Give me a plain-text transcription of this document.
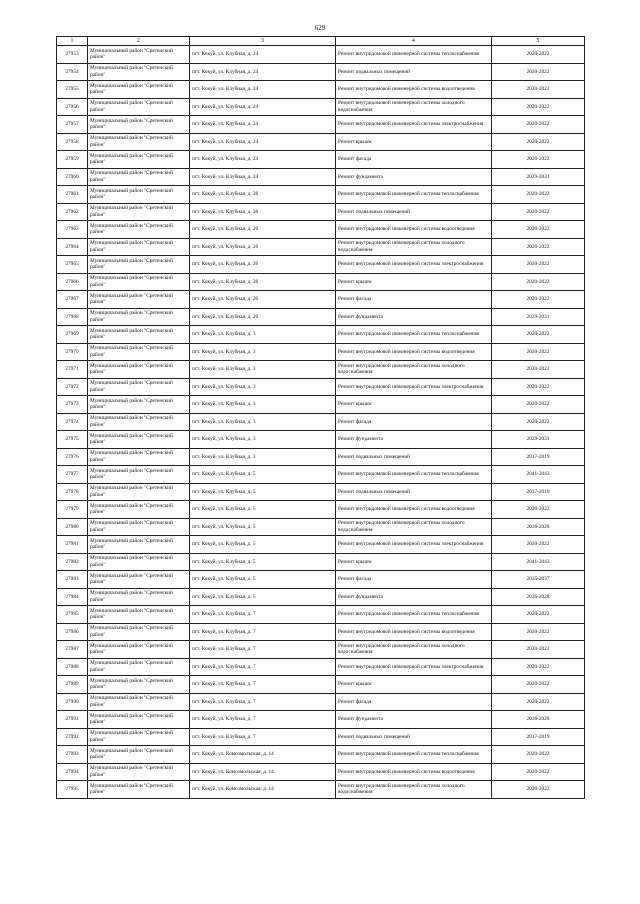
629
1	2	3	4	5
27953	Муниципальный район "Сретенский район"	пгт. Кокуй, ул. Клубная, д. 24	Ремонт внутридомовой инженерной системы теплоснабжения	2020-2022
27954	Муниципальный район "Сретенский район"	пгт. Кокуй, ул. Клубная, д. 24	Ремонт подвальных помещений	2020-2022
27955	Муниципальный район "Сретенский район"	пгт. Кокуй, ул. Клубная, д. 24	Ремонт внутридомовой инженерной системы водоотведения	2020-2022
27956	Муниципальный район "Сретенский район"	пгт. Кокуй, ул. Клубная, д. 24	Ремонт внутридомовой инженерной системы холодного водоснабжения	2020-2022
27957	Муниципальный район "Сретенский район"	пгт. Кокуй, ул. Клубная, д. 24	Ремонт внутридомовой инженерной системы электроснабжения	2020-2022
27958	Муниципальный район "Сретенский район"	пгт. Кокуй, ул. Клубная, д. 24	Ремонт крыши	2020-2022
27959	Муниципальный район "Сретенский район"	пгт. Кокуй, ул. Клубная, д. 24	Ремонт фасада	2020-2022
27960	Муниципальный район "Сретенский район"	пгт. Кокуй, ул. Клубная, д. 24	Ремонт фундамента	2029-2031
27961	Муниципальный район "Сретенский район"	пгт. Кокуй, ул. Клубная, д. 26	Ремонт внутридомовой инженерной системы теплоснабжения	2020-2022
27962	Муниципальный район "Сретенский район"	пгт. Кокуй, ул. Клубная, д. 26	Ремонт подвальных помещений	2020-2022
27963	Муниципальный район "Сретенский район"	пгт. Кокуй, ул. Клубная, д. 26	Ремонт внутридомовой инженерной системы водоотведения	2020-2022
27964	Муниципальный район "Сретенский район"	пгт. Кокуй, ул. Клубная, д. 26	Ремонт внутридомовой инженерной системы холодного водоснабжения	2020-2022
27965	Муниципальный район "Сретенский район"	пгт. Кокуй, ул. Клубная, д. 26	Ремонт внутридомовой инженерной системы электроснабжения	2020-2022
27966	Муниципальный район "Сретенский район"	пгт. Кокуй, ул. Клубная, д. 26	Ремонт крыши	2020-2022
27967	Муниципальный район "Сретенский район"	пгт. Кокуй, ул. Клубная, д. 26	Ремонт фасада	2020-2022
27968	Муниципальный район "Сретенский район"	пгт. Кокуй, ул. Клубная, д. 26	Ремонт фундамента	2029-2031
27969	Муниципальный район "Сретенский район"	пгт. Кокуй, ул. Клубная, д. 3	Ремонт внутридомовой инженерной системы теплоснабжения	2020-2022
27970	Муниципальный район "Сретенский район"	пгт. Кокуй, ул. Клубная, д. 3	Ремонт внутридомовой инженерной системы водоотведения	2020-2022
27971	Муниципальный район "Сретенский район"	пгт. Кокуй, ул. Клубная, д. 3	Ремонт внутридомовой инженерной системы холодного водоснабжения	2020-2022
27972	Муниципальный район "Сретенский район"	пгт. Кокуй, ул. Клубная, д. 3	Ремонт внутридомовой инженерной системы электроснабжения	2020-2022
27973	Муниципальный район "Сретенский район"	пгт. Кокуй, ул. Клубная, д. 3	Ремонт крыши	2020-2022
27974	Муниципальный район "Сретенский район"	пгт. Кокуй, ул. Клубная, д. 3	Ремонт фасада	2020-2022
27975	Муниципальный район "Сретенский район"	пгт. Кокуй, ул. Клубная, д. 3	Ремонт фундамента	2029-2031
27976	Муниципальный район "Сретенский район"	пгт. Кокуй, ул. Клубная, д. 3	Ремонт подвальных помещений	2017-2019
27977	Муниципальный район "Сретенский район"	пгт. Кокуй, ул. Клубная, д. 5	Ремонт внутридомовой инженерной системы теплоснабжения	2041-2043
27978	Муниципальный район "Сретенский район"	пгт. Кокуй, ул. Клубная, д. 5	Ремонт подвальных помещений	2017-2019
27979	Муниципальный район "Сретенский район"	пгт. Кокуй, ул. Клубная, д. 5	Ремонт внутридомовой инженерной системы водоотведения	2020-2022
27980	Муниципальный район "Сретенский район"	пгт. Кокуй, ул. Клубная, д. 5	Ремонт внутридомовой инженерной системы холодного водоснабжения	2026-2028
27981	Муниципальный район "Сретенский район"	пгт. Кокуй, ул. Клубная, д. 5	Ремонт внутридомовой инженерной системы электроснабжения	2020-2022
27982	Муниципальный район "Сретенский район"	пгт. Кокуй, ул. Клубная, д. 5	Ремонт крыши	2041-2043
27983	Муниципальный район "Сретенский район"	пгт. Кокуй, ул. Клубная, д. 5	Ремонт фасада	2035-2037
27984	Муниципальный район "Сретенский район"	пгт. Кокуй, ул. Клубная, д. 5	Ремонт фундамента	2026-2028
27985	Муниципальный район "Сретенский район"	пгт. Кокуй, ул. Клубная, д. 7	Ремонт внутридомовой инженерной системы теплоснабжения	2020-2022
27986	Муниципальный район "Сретенский район"	пгт. Кокуй, ул. Клубная, д. 7	Ремонт внутридомовой инженерной системы водоотведения	2020-2022
27987	Муниципальный район "Сретенский район"	пгт. Кокуй, ул. Клубная, д. 7	Ремонт внутридомовой инженерной системы холодного водоснабжения	2020-2022
27988	Муниципальный район "Сретенский район"	пгт. Кокуй, ул. Клубная, д. 7	Ремонт внутридомовой инженерной системы электроснабжения	2020-2022
27989	Муниципальный район "Сретенский район"	пгт. Кокуй, ул. Клубная, д. 7	Ремонт крыши	2020-2022
27990	Муниципальный район "Сретенский район"	пгт. Кокуй, ул. Клубная, д. 7	Ремонт фасада	2020-2022
27991	Муниципальный район "Сретенский район"	пгт. Кокуй, ул. Клубная, д. 7	Ремонт фундамента	2026-2028
27992	Муниципальный район "Сретенский район"	пгт. Кокуй, ул. Клубная, д. 7	Ремонт подвальных помещений	2017-2019
27993	Муниципальный район "Сретенский район"	пгт. Кокуй, ул. Комсомольская, д. 14	Ремонт внутридомовой инженерной системы теплоснабжения	2020-2022
27994	Муниципальный район "Сретенский район"	пгт. Кокуй, ул. Комсомольская, д. 14	Ремонт внутридомовой инженерной системы водоотведения	2020-2022
27995	Муниципальный район "Сретенский район"	пгт. Кокуй, ул. Комсомольская, д. 14	Ремонт внутридомовой инженерной системы холодного водоснабжения	2020-2022
